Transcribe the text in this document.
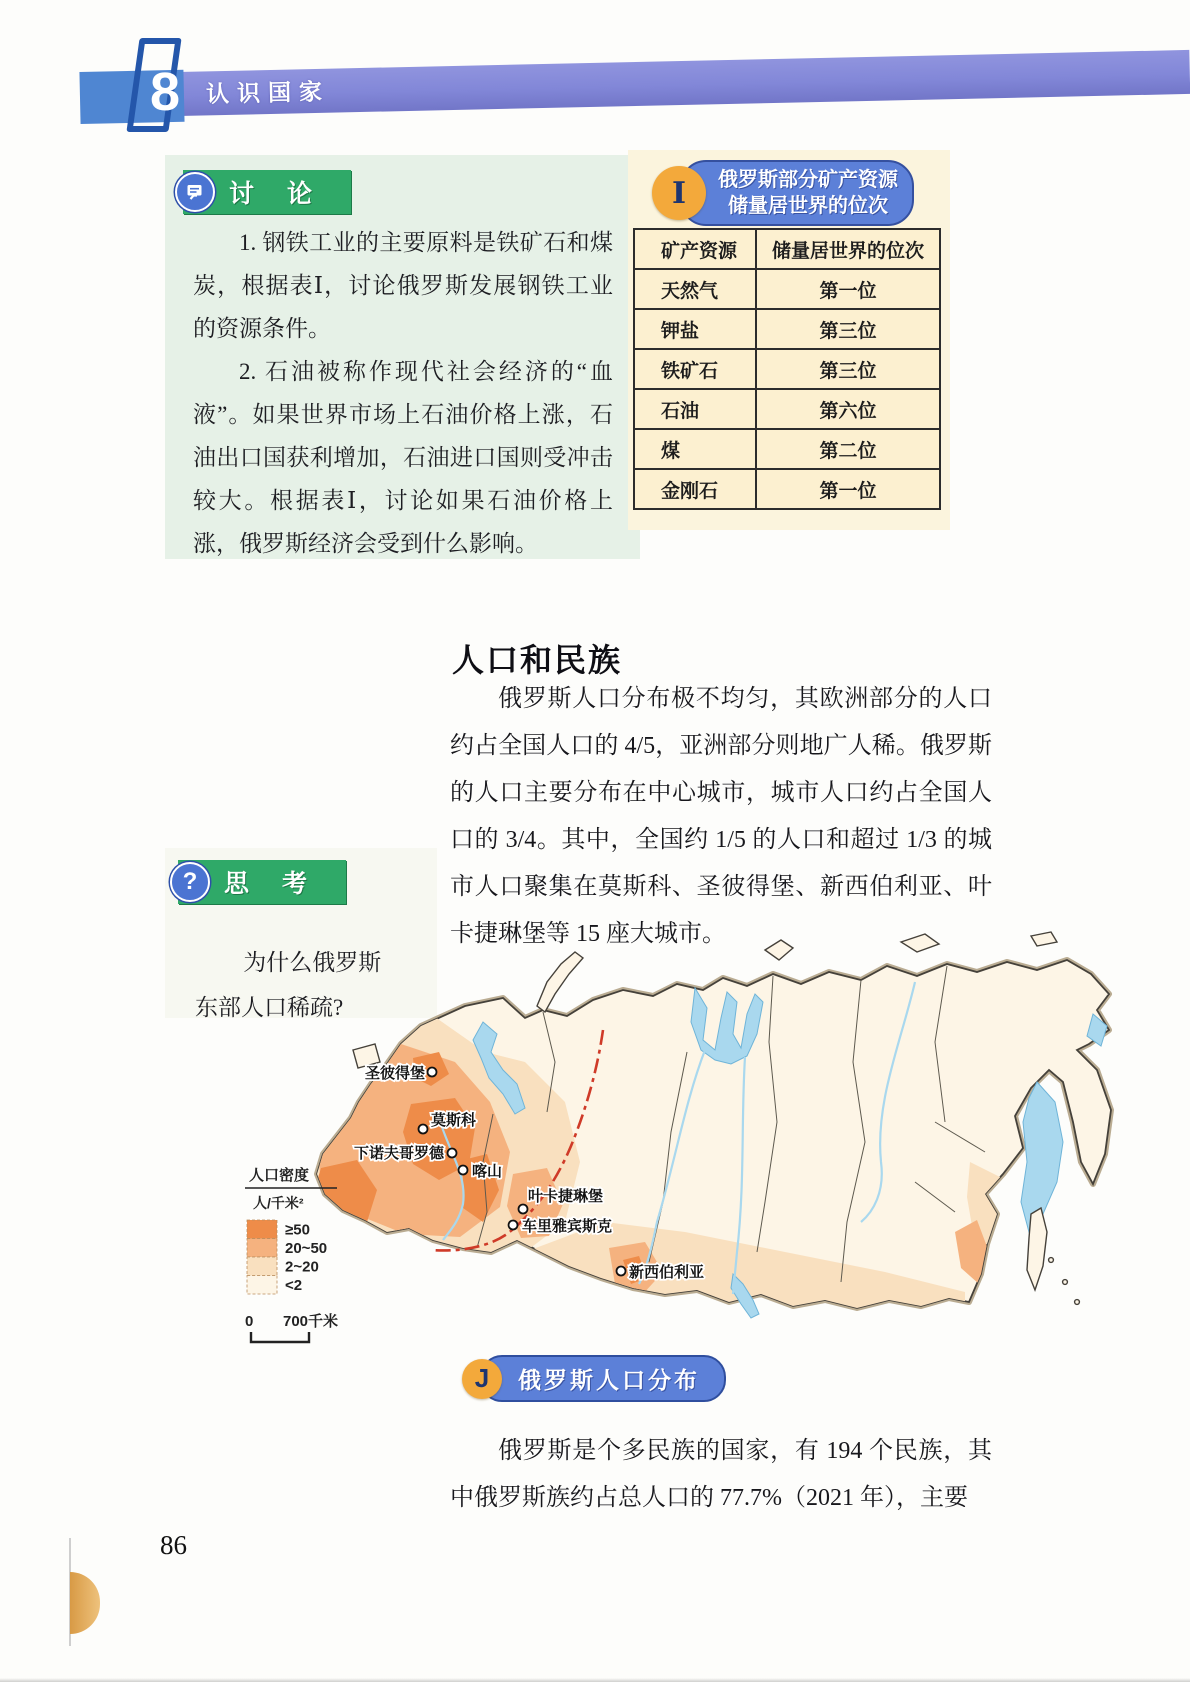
8 认识国家
讨 论

1. 钢铁工业的主要原料是铁矿石和煤炭，根据表Ⅰ，讨论俄罗斯发展钢铁工业的资源条件。

2. 石油被称作现代社会经济的“血液”。如果世界市场上石油价格上涨，石油出口国获利增加，石油进口国则受冲击较大。根据表Ⅰ，讨论如果石油价格上涨，俄罗斯经济会受到什么影响。

Ⅰ	俄罗斯部分矿产资源
储量居世界的位次
矿产资源	储量居世界的位次
天然气	第一位
钾盐	第三位
铁矿石	第三位
石油	第六位
煤	第二位
金刚石	第一位
人口和民族

俄罗斯人口分布极不均匀，其欧洲部分的人口约占全国人口的 4/5，亚洲部分则地广人稀。俄罗斯的人口主要分布在中心城市，城市人口约占全国人口的 3/4。其中，全国约 1/5 的人口和超过 1/3 的城市人口聚集在莫斯科、圣彼得堡、新西伯利亚、叶卡捷琳堡等 15 座大城市。

?	思 考
为什么俄罗斯
东部人口稀疏?
人口密度
人/千米²
≥50
20~50
2~20
<2
0 700千米
圣彼得堡
莫斯科
下诺夫哥罗德
喀山
叶卡捷琳堡
车里雅宾斯克
新西伯利亚
J	俄罗斯人口分布

俄罗斯是个多民族的国家，有 194 个民族，其中俄罗斯族约占总人口的 77.7%（2021 年），主要

86
